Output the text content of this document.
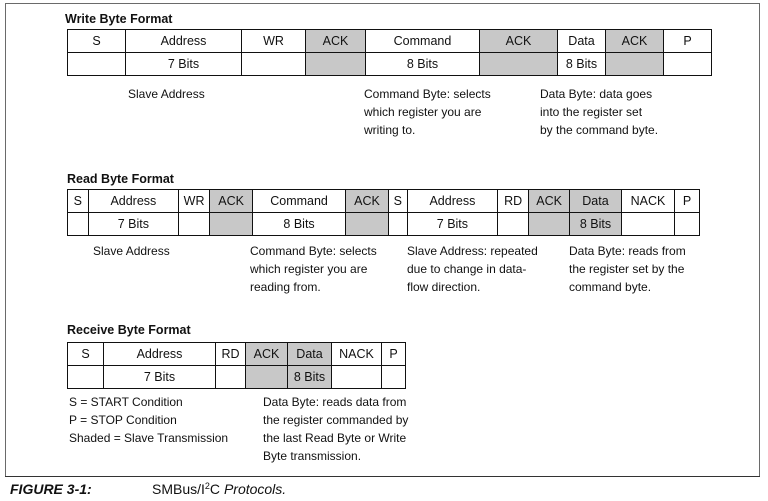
Write Byte Format
S	Address	WR	ACK	Command	ACK	Data	ACK	P
	7 Bits			8 Bits		8 Bits		
Slave Address	Command Byte: selects
which register you are
writing to.
Data Byte: data goes
into the register set
by the command byte.
Read Byte Format
S	Address	WR	ACK	Command	ACK	S	Address	RD	ACK	Data	NACK	P
	7 Bits			8 Bits			7 Bits			8 Bits		
Slave Address	Command Byte: selects
which register you are
reading from.
Slave Address: repeated
due to change in data-
flow direction.
Data Byte: reads from
the register set by the
command byte.
Receive Byte Format
S	Address	RD	ACK	Data	NACK	P
	7 Bits			8 Bits		
S = START Condition
P = STOP Condition
Shaded = Slave Transmission
Data Byte: reads data from
the register commanded by
the last Read Byte or Write
Byte transmission.
FIGURE 3-1:	SMBus/$I^2C$ Protocols.
